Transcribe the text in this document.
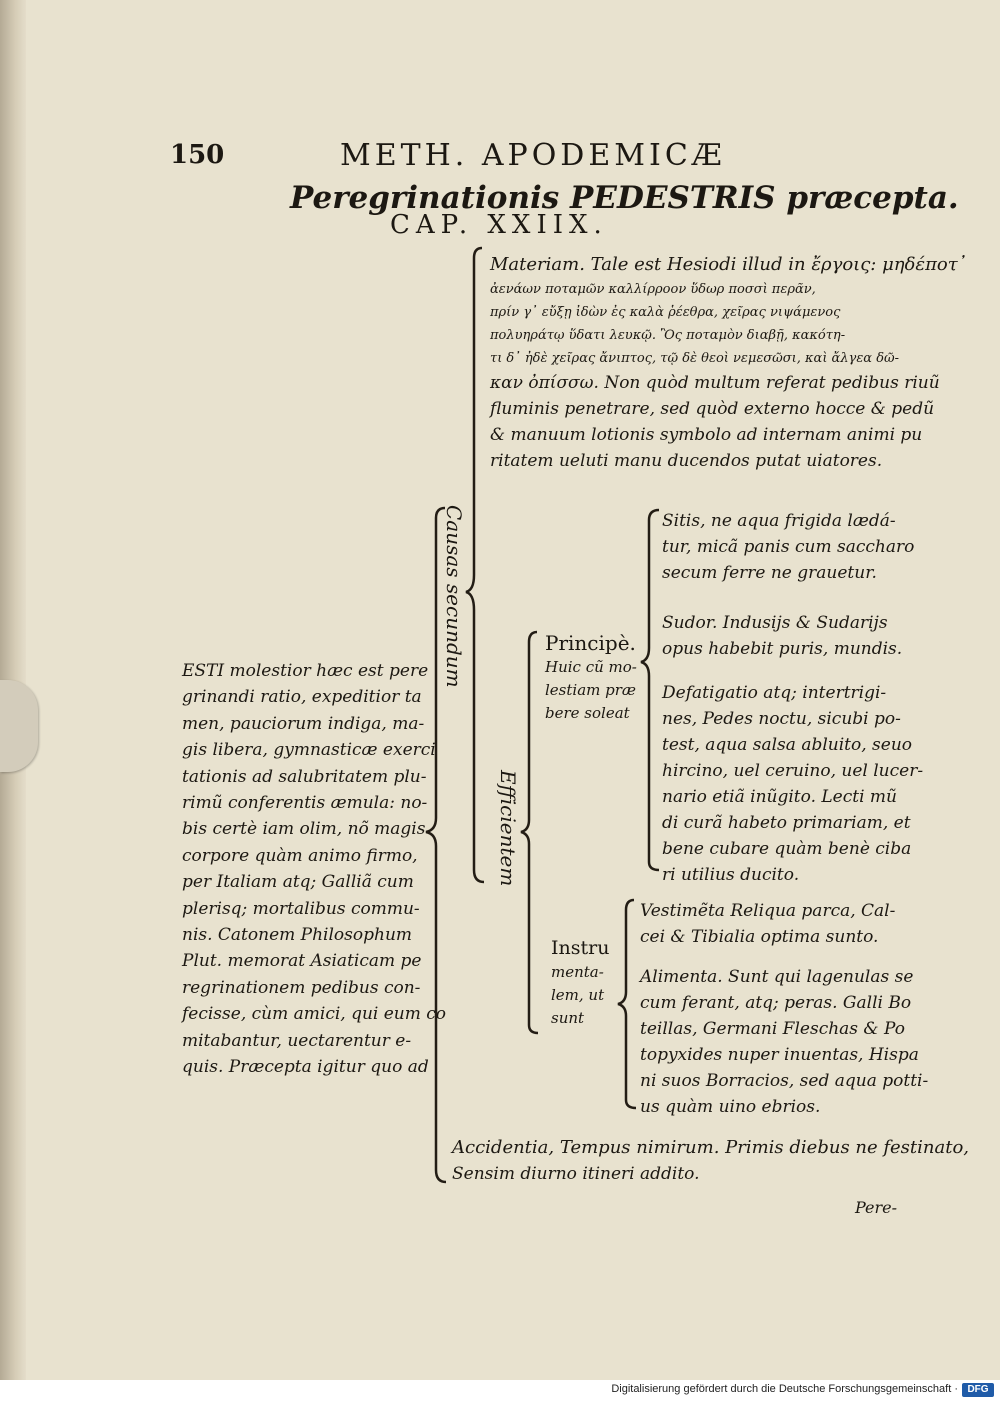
150	METH. APODEMICÆ
Peregrinationis PEDESTRIS præcepta.
CAP. XXIIX.
Causas secundum
Efficientem
Materiam. Tale est Hesiodi illud in ἔργοις: μηδέποτ᾽
ἀενάων ποταμῶν καλλίρροον ὕδωρ ποσσὶ περᾶν,
πρίν γ᾽ εὔξῃ ἰδὼν ἐς καλὰ ῥέεθρα, χεῖρας νιψάμενος
πολυηράτῳ ὕδατι λευκῷ. Ὃς ποταμὸν διαβῇ, κακότη-
τι δ᾽ ἠδὲ χεῖρας ἄνιπτος, τῷ δὲ θεοὶ νεμεσῶσι, καὶ ἄλγεα δῶ-
καν ὀπίσσω. Non quòd multum referat pedibus riuũ
fluminis penetrare, sed quòd externo hocce & pedũ
& manuum lotionis symbolo ad internam animi pu
ritatem ueluti manu ducendos putat uiatores.
ESTI molestior hæc est pere
grinandi ratio, expeditior ta
men, pauciorum indiga, ma-
gis libera, gymnasticæ exerci
tationis ad salubritatem plu-
rimũ conferentis æmula: no-
bis certè iam olim, nõ magis
corpore quàm animo firmo,
per Italiam atq; Galliã cum
plerisq; mortalibus commu-
nis. Catonem Philosophum
Plut. memorat Asiaticam pe
regrinationem pedibus con-
fecisse, cùm amici, qui eum co
mitabantur, uectarentur e-
quis. Præcepta igitur quo ad
Principè.
Huic cũ mo-
lestiam præ
bere soleat
Sitis, ne aqua frigida lædá-
tur, micã panis cum saccharo
secum ferre ne grauetur.
Sudor. Indusijs & Sudarijs
opus habebit puris, mundis.
Defatigatio atq; intertrigi-
nes, Pedes noctu, sicubi po-
test, aqua salsa abluito, seuo
hircino, uel ceruino, uel lucer-
nario etiã inũgito. Lecti mũ
di curã habeto primariam, et
bene cubare quàm benè ciba
ri utilius ducito.
Instru
menta-
lem, ut
sunt
Vestimẽta Reliqua parca, Cal-
cei & Tibialia optima sunto.
Alimenta. Sunt qui lagenulas se
cum ferant, atq; peras. Galli Bo
teillas, Germani Fleschas & Po
topyxides nuper inuentas, Hispa
ni suos Borracios, sed aqua potti-
us quàm uino ebrios.
Accidentia, Tempus nimirum. Primis diebus ne festinato,
Sensim diurno itineri addito.
Pere-
Digitalisierung gefördert durch die Deutsche Forschungsgemeinschaft · DFG
